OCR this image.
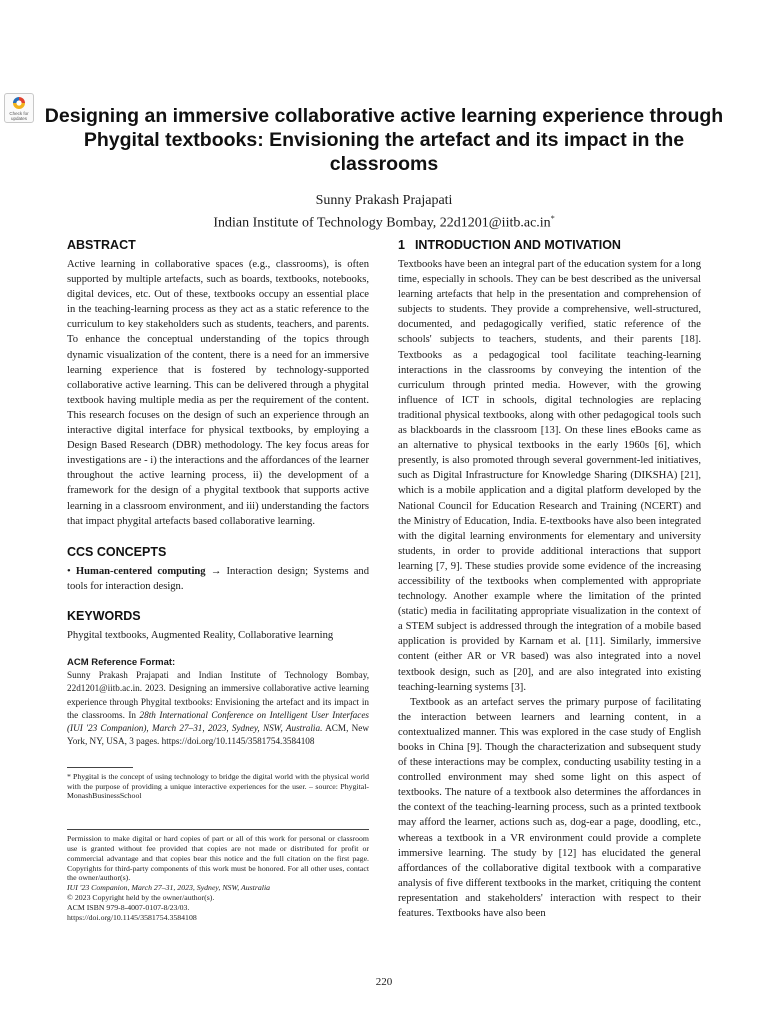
Check for updates Designing an immersive collaborative active learning experience through Phygital textbooks: Envisioning the artefact and its impact in the classrooms
Sunny Prakash Prajapati
Indian Institute of Technology Bombay, 22d1201@iitb.ac.in*
ABSTRACT

Active learning in collaborative spaces (e.g., classrooms), is often supported by multiple artefacts, such as boards, textbooks, notebooks, digital devices, etc. Out of these, textbooks occupy an essential place in the teaching-learning process as they act as a static reference to the curriculum to key stakeholders such as students, teachers, and parents. To enhance the conceptual understanding of the topics through dynamic visualization of the content, there is a need for an immersive learning experience that is fostered by technology-supported collaborative active learning. This can be delivered through a phygital textbook having multiple media as per the requirement of the content. This research focuses on the design of such an experience through an interactive digital interface for physical textbooks, by employing a Design Based Research (DBR) methodology. The key focus areas for investigations are - i) the interactions and the affordances of the learner throughout the active learning process, ii) the development of a framework for the design of a phygital textbook that supports active learning in a classroom environment, and iii) understanding the factors that impact phygital artefacts based collaborative learning.

CCS CONCEPTS

• Human-centered computing → Interaction design; Systems and tools for interaction design.

KEYWORDS

Phygital textbooks, Augmented Reality, Collaborative learning

ACM Reference Format:

Sunny Prakash Prajapati and Indian Institute of Technology Bombay, 22d1201@iitb.ac.in. 2023. Designing an immersive collaborative active learning experience through Phygital textbooks: Envisioning the artefact and its impact in the classrooms. In 28th International Conference on Intelligent User Interfaces (IUI '23 Companion), March 27–31, 2023, Sydney, NSW, Australia. ACM, New York, NY, USA, 3 pages. https://doi.org/10.1145/3581754.3584108

* Phygital is the concept of using technology to bridge the digital world with the physical world with the purpose of providing a unique interactive experiences for the user. – source: Phygital-MonashBusinessSchool

Permission to make digital or hard copies of part or all of this work for personal or classroom use is granted without fee provided that copies are not made or distributed for profit or commercial advantage and that copies bear this notice and the full citation on the first page. Copyrights for third-party components of this work must be honored. For all other uses, contact the owner/author(s).

IUI '23 Companion, March 27–31, 2023, Sydney, NSW, Australia

© 2023 Copyright held by the owner/author(s).

ACM ISBN 979-8-4007-0107-8/23/03.

https://doi.org/10.1145/3581754.3584108

1 INTRODUCTION AND MOTIVATION

Textbooks have been an integral part of the education system for a long time, especially in schools. They can be best described as the universal learning artefacts that help in the presentation and comprehension of subjects to students. They provide a comprehensive, well-structured, documented, and pedagogically verified, static reference of the schools' subjects to teachers, students, and their parents [18]. Textbooks as a pedagogical tool facilitate teaching-learning interactions in the classrooms by conveying the intention of the curriculum through printed media. However, with the growing influence of ICT in schools, digital technologies are replacing traditional physical textbooks, along with other pedagogical tools such as blackboards in the classroom [13]. On these lines eBooks came as an alternative to physical textbooks in the early 1960s [6], which presently, is also promoted through several government-led initiatives, such as Digital Infrastructure for Knowledge Sharing (DIKSHA) [21], which is a mobile application and a digital platform developed by the National Council for Education Research and Training (NCERT) and the Ministry of Education, India. E-textbooks have also been integrated with the digital learning environments for elementary and university students, in order to provide additional interactions that support learning [7, 9]. These studies provide some evidence of the increasing accessibility of the textbooks when complemented with appropriate technology. Another example where the limitation of the printed (static) media in facilitating appropriate visualization in the context of a STEM subject is addressed through the integration of a mobile based application is provided by Karnam et al. [11]. Similarly, immersive content (either AR or VR based) was also integrated into a novel textbook design, such as [20], and are also integrated into existing teaching-learning systems [3].

Textbook as an artefact serves the primary purpose of facilitating the interaction between learners and learning content, in a contextualized manner. This was explored in the case study of English books in China [9]. Though the characterization and subsequent study of these interactions may be complex, conducting usability testing in a controlled environment may shed some light on this aspect of textbooks. The nature of a textbook also determines the affordances in the context of the teaching-learning process, such as a printed textbook may afford the learner, actions such as, dog-ear a page, doodling, etc., whereas a textbook in a VR environment could provide a complete immersive learning. The study by [12] has elucidated the general affordances of the collaborative digital textbook with a comparative analysis of five different textbooks in the market, critiquing the content representation and stakeholders' interaction with respect to their features. Textbooks have also been

220
